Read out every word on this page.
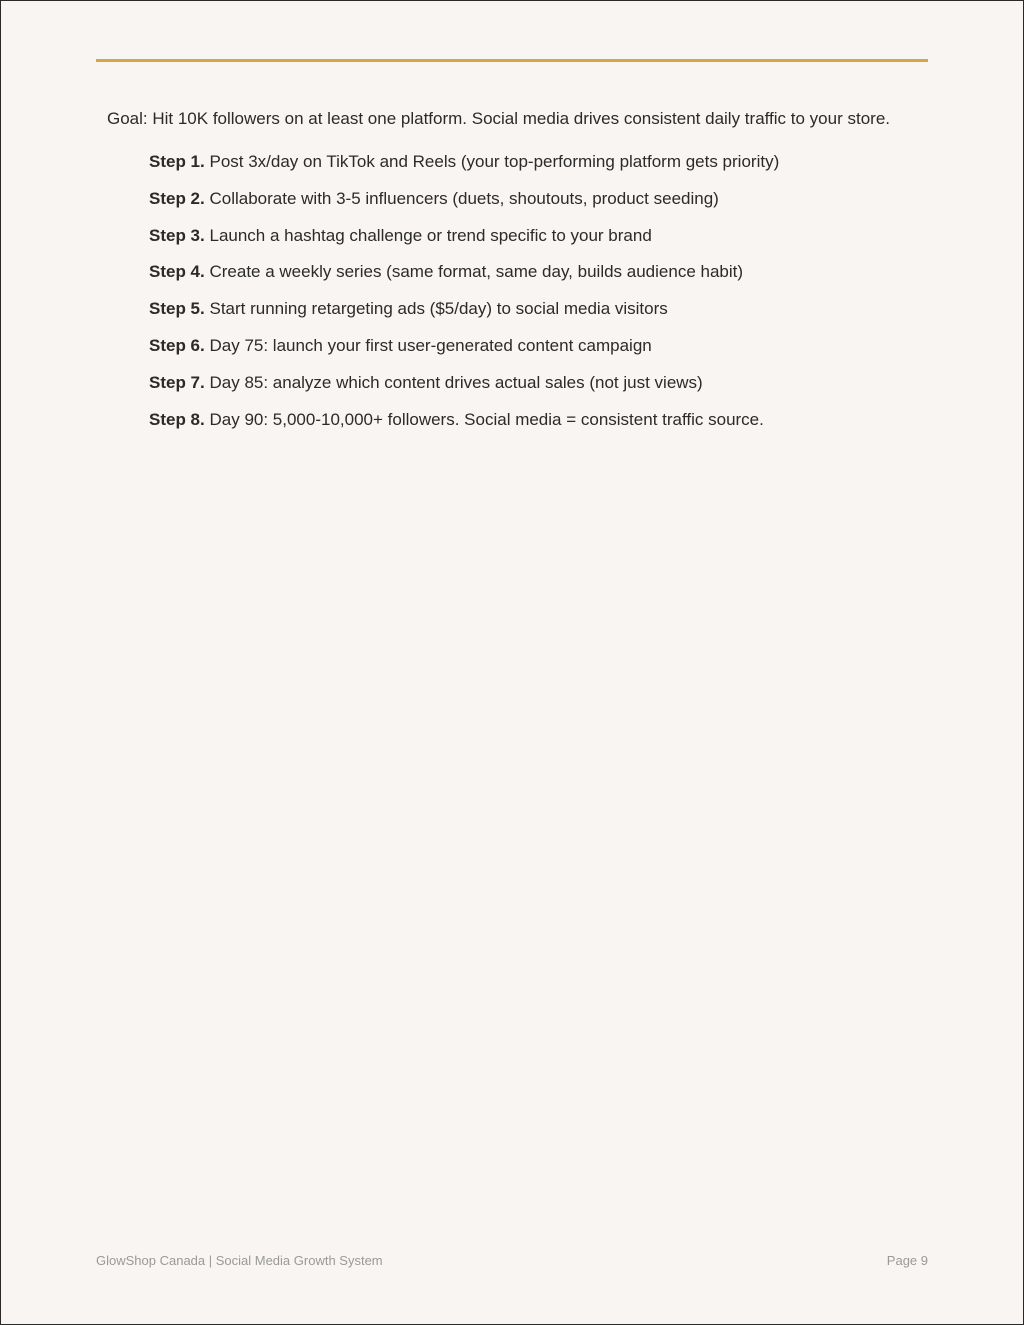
Goal: Hit 10K followers on at least one platform. Social media drives consistent daily traffic to your store.
Step 1. Post 3x/day on TikTok and Reels (your top-performing platform gets priority)
Step 2. Collaborate with 3-5 influencers (duets, shoutouts, product seeding)
Step 3. Launch a hashtag challenge or trend specific to your brand
Step 4. Create a weekly series (same format, same day, builds audience habit)
Step 5. Start running retargeting ads ($5/day) to social media visitors
Step 6. Day 75: launch your first user-generated content campaign
Step 7. Day 85: analyze which content drives actual sales (not just views)
Step 8. Day 90: 5,000-10,000+ followers. Social media = consistent traffic source.
GlowShop Canada | Social Media Growth System	Page 9
